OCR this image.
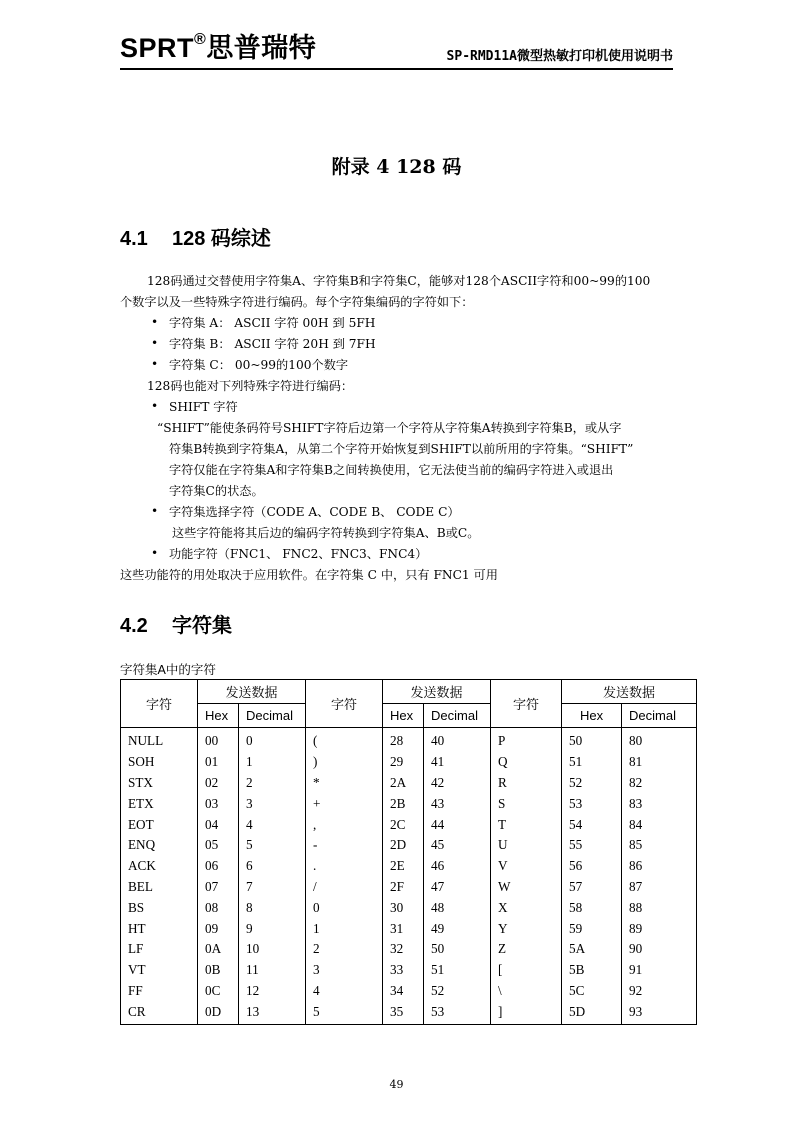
SPRT®思普瑞特	SP-RMD11A微型热敏打印机使用说明书
附录 4 128 码
4.1 128 码综述
128码通过交替使用字符集A、字符集B和字符集C，能够对128个ASCII字符和00~99的100
个数字以及一些特殊字符进行编码。每个字符集编码的字符如下：
• 字符集 A： ASCII 字符 00H 到 5FH
• 字符集 B： ASCII 字符 20H 到 7FH
• 字符集 C： 00~99的100个数字
128码也能对下列特殊字符进行编码：
• SHIFT 字符
“SHIFT”能使条码符号SHIFT字符后边第一个字符从字符集A转换到字符集B，或从字
符集B转换到字符集A，从第二个字符开始恢复到SHIFT以前所用的字符集。“SHIFT”
字符仅能在字符集A和字符集B之间转换使用，它无法使当前的编码字符进入或退出
字符集C的状态。
• 字符集选择字符（CODE A、CODE B、 CODE C）
这些字符能将其后边的编码字符转换到字符集A、B或C。
• 功能字符（FNC1、 FNC2、FNC3、FNC4）
这些功能符的用处取决于应用软件。在字符集 C 中，只有 FNC1 可用
4.2 字符集
字符集A中的字符
字符	发送数据		字符	发送数据		字符	发送数据	
	Hex	Decimal		Hex	Decimal		Hex	Decimal
NULL	00	0	(	28	40	P	50	80
SOH	01	1	)	29	41	Q	51	81
STX	02	2	*	2A	42	R	52	82
ETX	03	3	+	2B	43	S	53	83
EOT	04	4	,	2C	44	T	54	84
ENQ	05	5	-	2D	45	U	55	85
ACK	06	6	.	2E	46	V	56	86
BEL	07	7	/	2F	47	W	57	87
BS	08	8	0	30	48	X	58	88
HT	09	9	1	31	49	Y	59	89
LF	0A	10	2	32	50	Z	5A	90
VT	0B	11	3	33	51	[	5B	91
FF	0C	12	4	34	52	\	5C	92
CR	0D	13	5	35	53	]	5D	93
49
